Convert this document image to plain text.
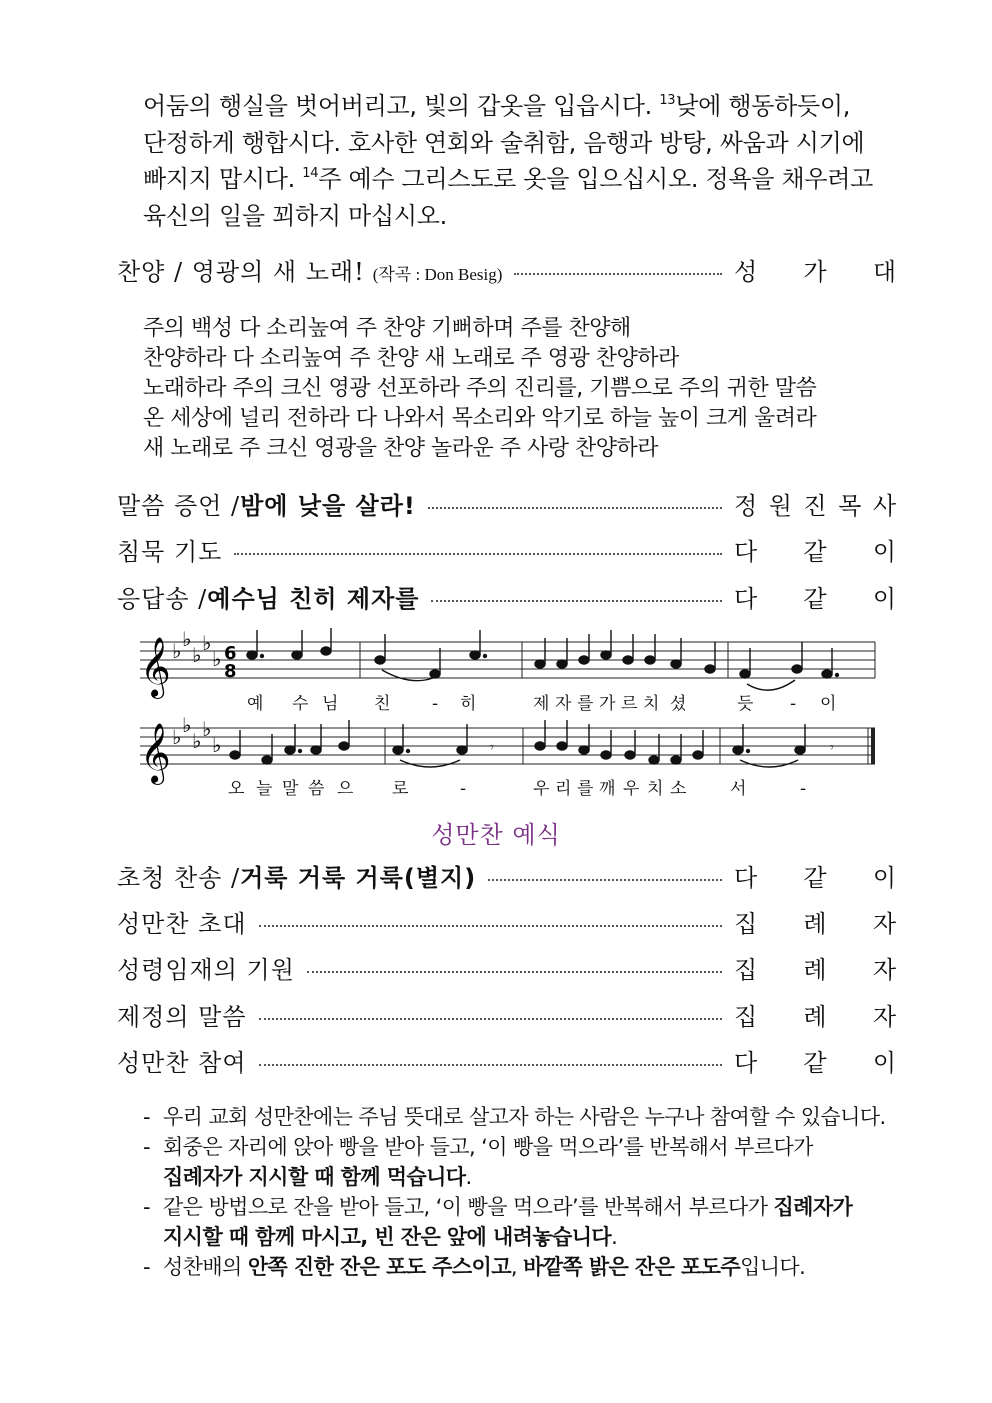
어둠의 행실을 벗어버리고, 빛의 갑옷을 입읍시다. $^{13}$낮에 행동하듯이,

단정하게 행합시다. 호사한 연회와 술취함, 음행과 방탕, 싸움과 시기에

빠지지 맙시다. $^{14}$주 예수 그리스도로 옷을 입으십시오. 정욕을 채우려고

육신의 일을 꾀하지 마십시오.

찬양 / 영광의 새 노래! (작곡 : Don Besig)	성 가 대

주의 백성 다 소리높여 주 찬양 기뻐하며 주를 찬양해

찬양하라 다 소리높여 주 찬양 새 노래로 주 영광 찬양하라

노래하라 주의 크신 영광 선포하라 주의 진리를, 기쁨으로 주의 귀한 말씀

온 세상에 널리 전하라 다 나와서 목소리와 악기로 하늘 높이 크게 울려라

새 노래로 주 크신 영광을 찬양 놀라운 주 사랑 찬양하라

말씀 증언 / 밤에 낮을 살라!	정 원 진 목 사
침묵 기도	다 같 이
응답송 / 예수님 친히 제자를	다 같 이
𝄞 ♭ ♭
♭ ♭
♭ 6
8
예 수 님 친 - 히	제 자 를 가 르 치 셨	듯 - 이
𝄞 ♭ ♭
♭ ♭
♭	𝄾	𝄾
오 늘 말 씀 으 로	-	우 리 를 깨 우 치 소	서	-
성만찬 예식
초청 찬송 / 거룩 거룩 거룩(별지)	다 같 이
성만찬 초대	집 례 자
성령임재의 기원	집 례 자
제정의 말씀	집 례 자
성만찬 참여	다 같 이
- 우리 교회 성만찬에는 주님 뜻대로 살고자 하는 사람은 누구나 참여할 수 있습니다.
- 회중은 자리에 앉아 빵을 받아 들고, ‘이 빵을 먹으라’를 반복해서 부르다가
집례자가 지시할 때 함께 먹습니다.
- 같은 방법으로 잔을 받아 들고, ‘이 빵을 먹으라’를 반복해서 부르다가 집례자가
지시할 때 함께 마시고, 빈 잔은 앞에 내려놓습니다.
- 성찬배의 안쪽 진한 잔은 포도 주스이고, 바깥쪽 밝은 잔은 포도주입니다.
